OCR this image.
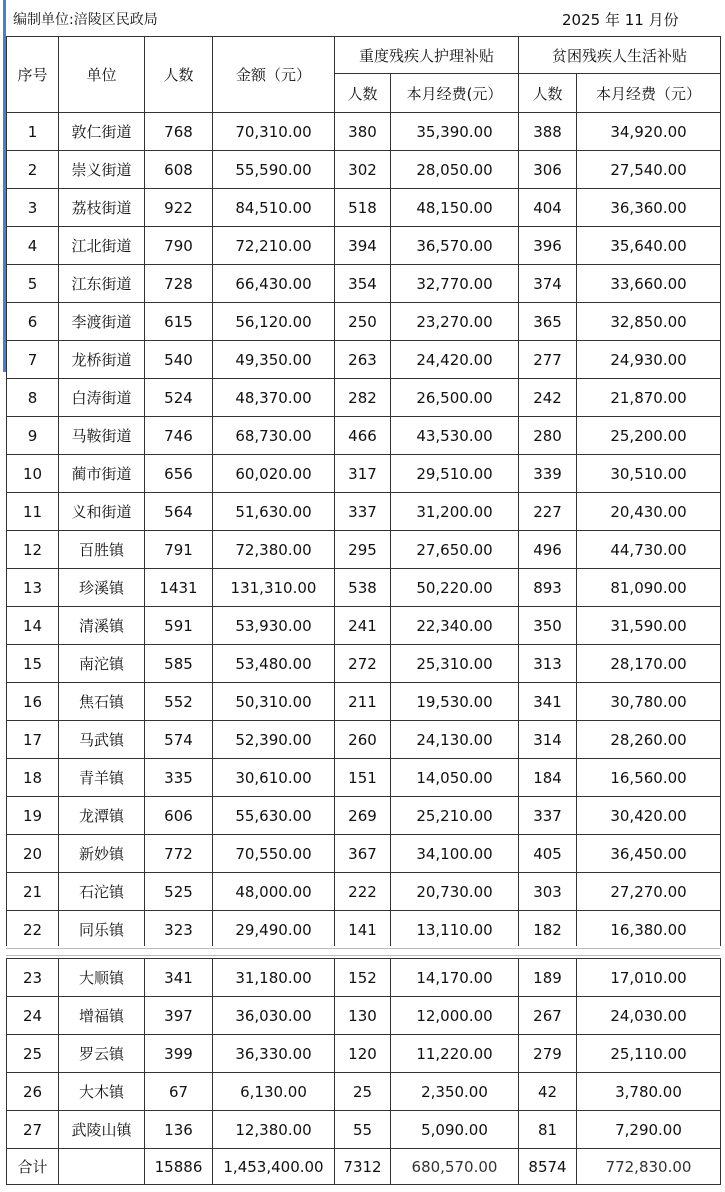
编制单位:涪陵区民政局	2025 年 11 月份
序号	单位	人数	金额（元）	重度残疾人护理补贴		贫困残疾人生活补贴	
				人数	本月经费(元）	人数	本月经费（元）
1	敦仁街道	768	70,310.00	380	35,390.00	388	34,920.00
2	崇义街道	608	55,590.00	302	28,050.00	306	27,540.00
3	荔枝街道	922	84,510.00	518	48,150.00	404	36,360.00
4	江北街道	790	72,210.00	394	36,570.00	396	35,640.00
5	江东街道	728	66,430.00	354	32,770.00	374	33,660.00
6	李渡街道	615	56,120.00	250	23,270.00	365	32,850.00
7	龙桥街道	540	49,350.00	263	24,420.00	277	24,930.00
8	白涛街道	524	48,370.00	282	26,500.00	242	21,870.00
9	马鞍街道	746	68,730.00	466	43,530.00	280	25,200.00
10	蔺市街道	656	60,020.00	317	29,510.00	339	30,510.00
11	义和街道	564	51,630.00	337	31,200.00	227	20,430.00
12	百胜镇	791	72,380.00	295	27,650.00	496	44,730.00
13	珍溪镇	1431	131,310.00	538	50,220.00	893	81,090.00
14	清溪镇	591	53,930.00	241	22,340.00	350	31,590.00
15	南沱镇	585	53,480.00	272	25,310.00	313	28,170.00
16	焦石镇	552	50,310.00	211	19,530.00	341	30,780.00
17	马武镇	574	52,390.00	260	24,130.00	314	28,260.00
18	青羊镇	335	30,610.00	151	14,050.00	184	16,560.00
19	龙潭镇	606	55,630.00	269	25,210.00	337	30,420.00
20	新妙镇	772	70,550.00	367	34,100.00	405	36,450.00
21	石沱镇	525	48,000.00	222	20,730.00	303	27,270.00
22	同乐镇	323	29,490.00	141	13,110.00	182	16,380.00
23	大顺镇	341	31,180.00	152	14,170.00	189	17,010.00
24	增福镇	397	36,030.00	130	12,000.00	267	24,030.00
25	罗云镇	399	36,330.00	120	11,220.00	279	25,110.00
26	大木镇	67	6,130.00	25	2,350.00	42	3,780.00
27	武陵山镇	136	12,380.00	55	5,090.00	81	7,290.00
合计		15886	1,453,400.00	7312	680,570.00	8574	772,830.00
